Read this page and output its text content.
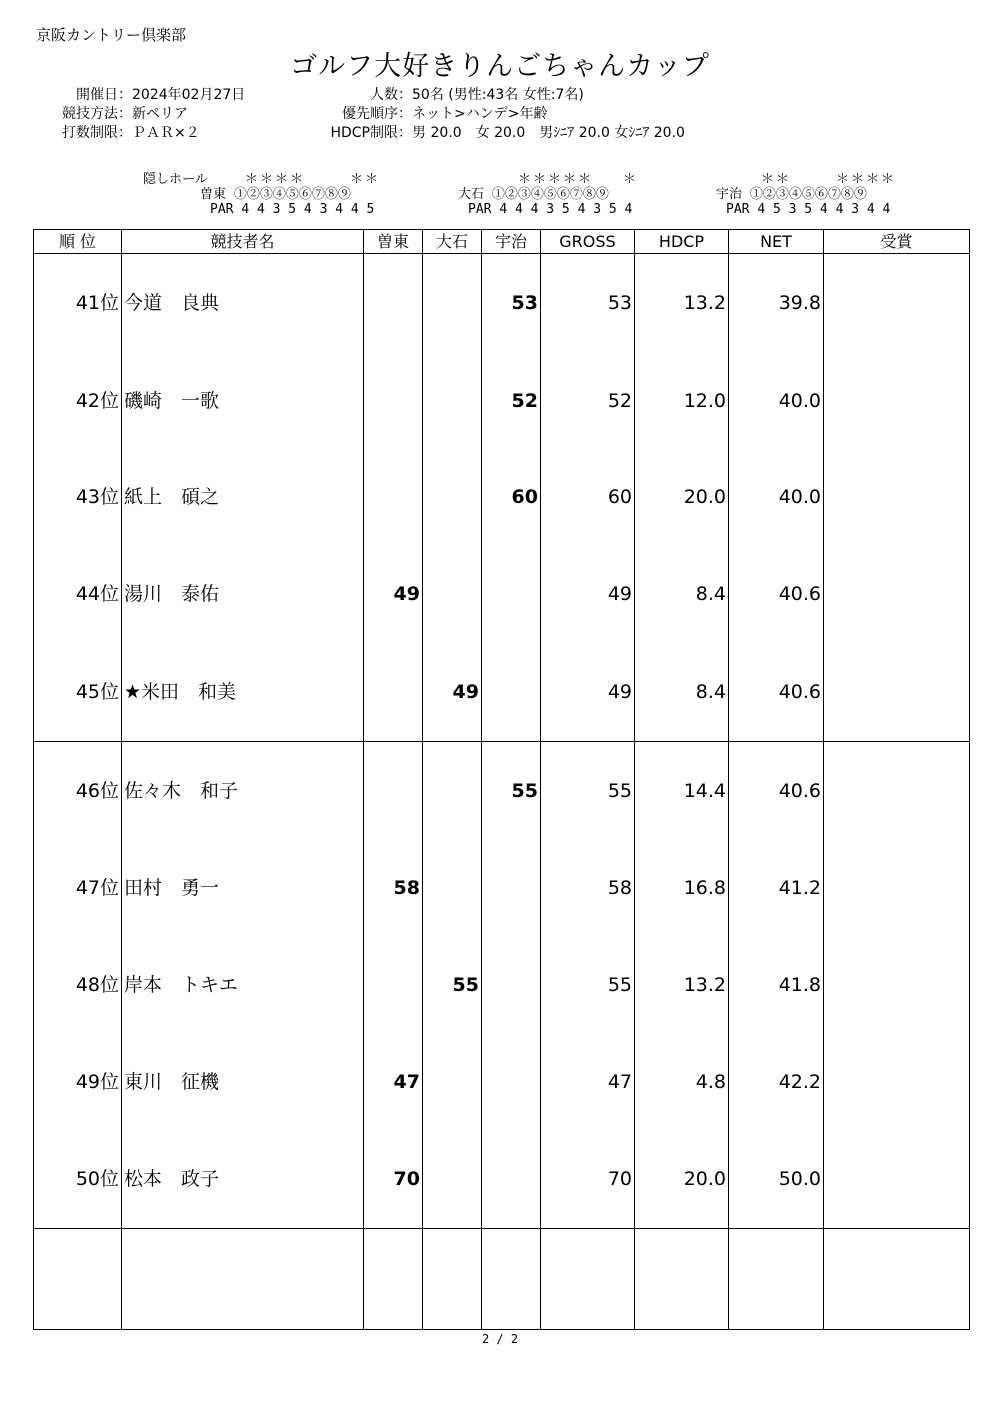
京阪カントリー倶楽部
ゴルフ大好きりんごちゃんカップ
開催日：2024年02月27日
競技方法：新ペリア
打数制限：ＰＡＲ×２
人数：50名 (男性:43名 女性:7名)
優先順序：ネット>ハンデ>年齢
HDCP制限：男 20.0　女 20.0　男ｼﾆｱ 20.0 女ｼﾆｱ 20.0
隠しホール	＊＊＊＊　　　＊＊
曽東 ①②③④⑤⑥⑦⑧⑨
PAR 4 4 3 5 4 3 4 4 5
　＊＊＊＊＊　　＊
大石 ①②③④⑤⑥⑦⑧⑨
PAR 4 4 4 3 5 4 3 5 4
＊＊　　　＊＊＊＊
宇治 ①②③④⑤⑥⑦⑧⑨
PAR 4 5 3 5 4 4 3 4 4
順 位	競技者名	曽東	大石	宇治	GROSS	HDCP	NET	受賞
41位	今道　良典			53	53	13.2	39.8	
42位	磯崎　一歌			52	52	12.0	40.0	
43位	紙上　碩之			60	60	20.0	40.0	
44位	湯川　泰佑	49			49	8.4	40.6	
45位	★米田　和美		49		49	8.4	40.6	
46位	佐々木　和子			55	55	14.4	40.6	
47位	田村　勇一	58			58	16.8	41.2	
48位	岸本　トキエ		55		55	13.2	41.8	
49位	東川　征機	47			47	4.8	42.2	
50位	松本　政子	70			70	20.0	50.0	

2 / 2
